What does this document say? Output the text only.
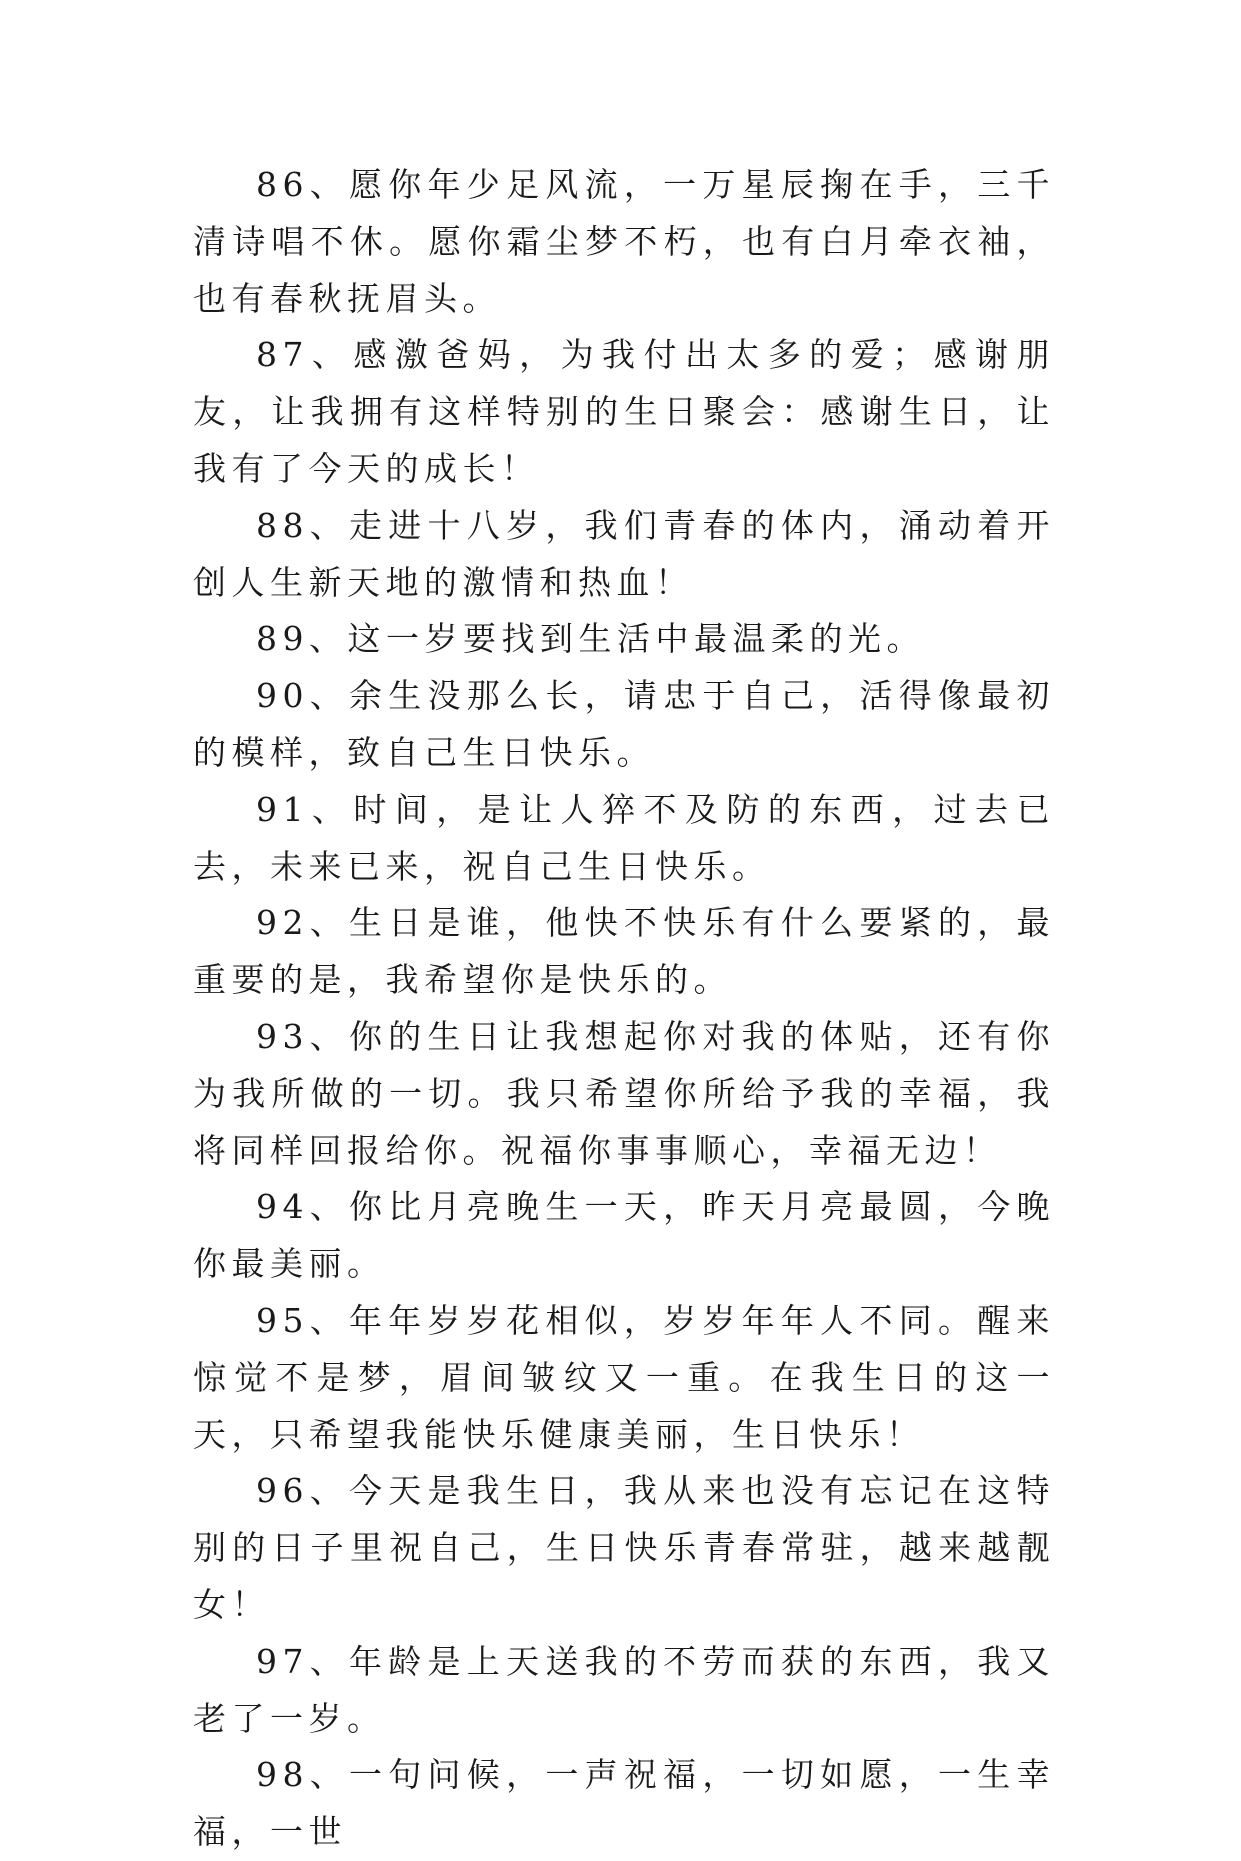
86、愿你年少足风流，一万星辰掬在手，三千清诗唱不休。愿你霜尘梦不朽，也有白月牵衣袖，也有春秋抚眉头。

87、感激爸妈，为我付出太多的爱；感谢朋友，让我拥有这样特别的生日聚会：感谢生日，让我有了今天的成长！

88、走进十八岁，我们青春的体内，涌动着开创人生新天地的激情和热血！

89、这一岁要找到生活中最温柔的光。

90、余生没那么长，请忠于自己，活得像最初的模样，致自己生日快乐。

91、时间，是让人猝不及防的东西，过去已去，未来已来，祝自己生日快乐。

92、生日是谁，他快不快乐有什么要紧的，最重要的是，我希望你是快乐的。

93、你的生日让我想起你对我的体贴，还有你为我所做的一切。我只希望你所给予我的幸福，我将同样回报给你。祝福你事事顺心，幸福无边！

94、你比月亮晚生一天，昨天月亮最圆，今晚你最美丽。

95、年年岁岁花相似，岁岁年年人不同。醒来惊觉不是梦，眉间皱纹又一重。在我生日的这一天，只希望我能快乐健康美丽，生日快乐！

96、今天是我生日，我从来也没有忘记在这特别的日子里祝自己，生日快乐青春常驻，越来越靓女！

97、年龄是上天送我的不劳而获的东西，我又老了一岁。

98、一句问候，一声祝福，一切如愿，一生幸福，一世
